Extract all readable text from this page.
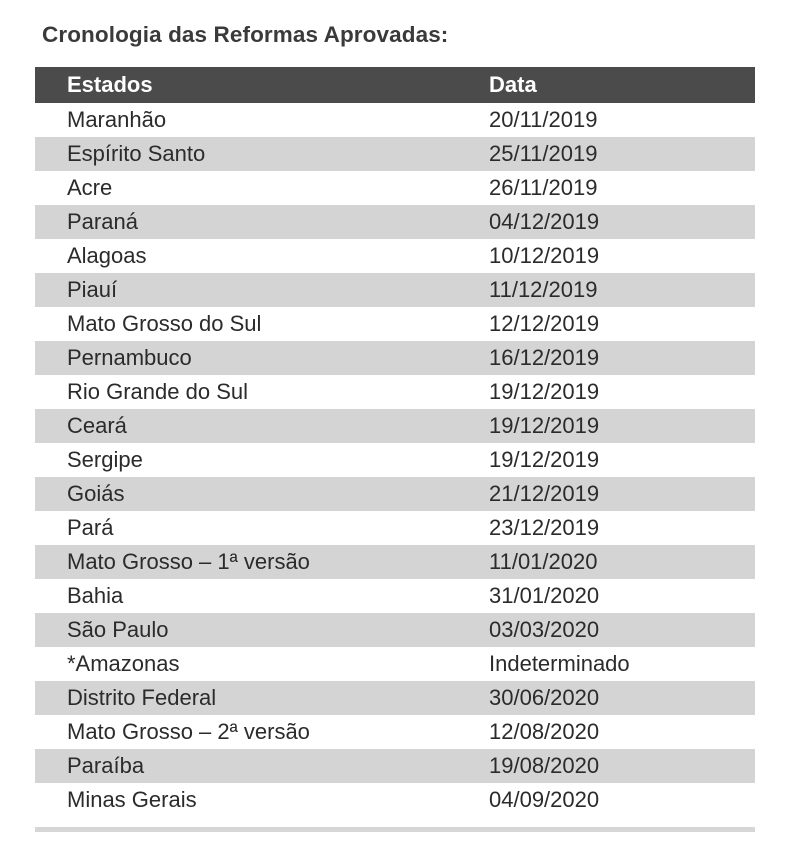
Cronologia das Reformas Aprovadas:
Estados	Data
Maranhão	20/11/2019
Espírito Santo	25/11/2019
Acre	26/11/2019
Paraná	04/12/2019
Alagoas	10/12/2019
Piauí	11/12/2019
Mato Grosso do Sul	12/12/2019
Pernambuco	16/12/2019
Rio Grande do Sul	19/12/2019
Ceará	19/12/2019
Sergipe	19/12/2019
Goiás	21/12/2019
Pará	23/12/2019
Mato Grosso – 1ª versão	11/01/2020
Bahia	31/01/2020
São Paulo	03/03/2020
*Amazonas	Indeterminado
Distrito Federal	30/06/2020
Mato Grosso – 2ª versão	12/08/2020
Paraíba	19/08/2020
Minas Gerais	04/09/2020
